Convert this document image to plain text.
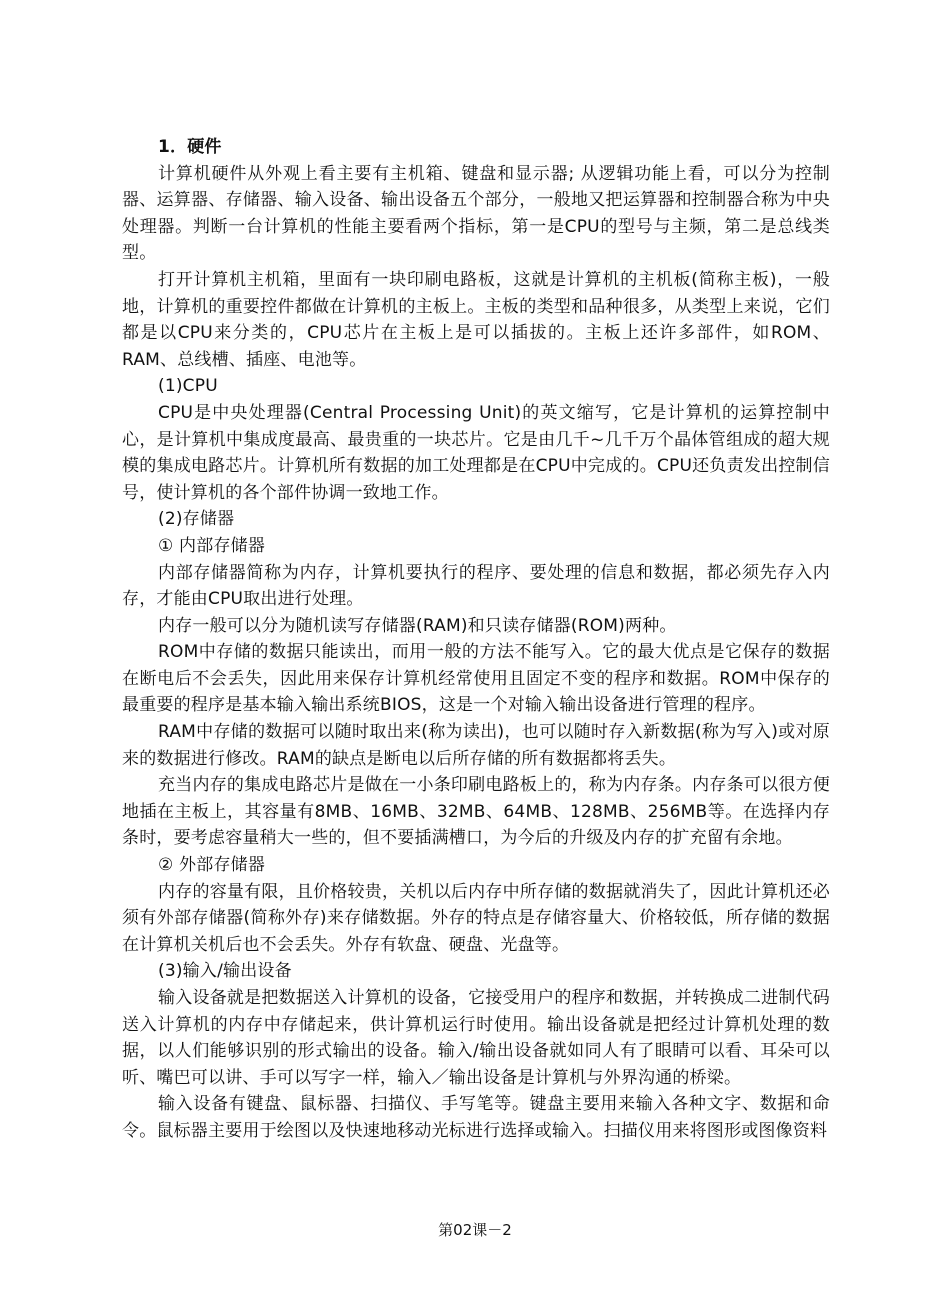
1．硬件

计算机硬件从外观上看主要有主机箱、键盘和显示器; 从逻辑功能上看，可以分为控制器、运算器、存储器、输入设备、输出设备五个部分，一般地又把运算器和控制器合称为中央处理器。判断一台计算机的性能主要看两个指标，第一是CPU的型号与主频，第二是总线类型。

打开计算机主机箱，里面有一块印刷电路板，这就是计算机的主机板(简称主板)，一般地，计算机的重要控件都做在计算机的主板上。主板的类型和品种很多，从类型上来说，它们都是以CPU来分类的，CPU芯片在主板上是可以插拔的。主板上还许多部件，如ROM、RAM、总线槽、插座、电池等。

(1)CPU

CPU是中央处理器(Central Processing Unit)的英文缩写，它是计算机的运算控制中心，是计算机中集成度最高、最贵重的一块芯片。它是由几千~几千万个晶体管组成的超大规模的集成电路芯片。计算机所有数据的加工处理都是在CPU中完成的。CPU还负责发出控制信号，使计算机的各个部件协调一致地工作。

(2)存储器

① 内部存储器

内部存储器简称为内存，计算机要执行的程序、要处理的信息和数据，都必须先存入内存，才能由CPU取出进行处理。

内存一般可以分为随机读写存储器(RAM)和只读存储器(ROM)两种。

ROM中存储的数据只能读出，而用一般的方法不能写入。它的最大优点是它保存的数据在断电后不会丢失，因此用来保存计算机经常使用且固定不变的程序和数据。ROM中保存的最重要的程序是基本输入输出系统BIOS，这是一个对输入输出设备进行管理的程序。

RAM中存储的数据可以随时取出来(称为读出)，也可以随时存入新数据(称为写入)或对原来的数据进行修改。RAM的缺点是断电以后所存储的所有数据都将丢失。

充当内存的集成电路芯片是做在一小条印刷电路板上的，称为内存条。内存条可以很方便地插在主板上，其容量有8MB、16MB、32MB、64MB、128MB、256MB等。在选择内存条时，要考虑容量稍大一些的，但不要插满槽口，为今后的升级及内存的扩充留有余地。

② 外部存储器

内存的容量有限，且价格较贵，关机以后内存中所存储的数据就消失了，因此计算机还必须有外部存储器(简称外存)来存储数据。外存的特点是存储容量大、价格较低，所存储的数据在计算机关机后也不会丢失。外存有软盘、硬盘、光盘等。

(3)输入/输出设备

输入设备就是把数据送入计算机的设备，它接受用户的程序和数据，并转换成二进制代码送入计算机的内存中存储起来，供计算机运行时使用。输出设备就是把经过计算机处理的数据，以人们能够识别的形式输出的设备。输入/输出设备就如同人有了眼睛可以看、耳朵可以听、嘴巴可以讲、手可以写字一样，输入／输出设备是计算机与外界沟通的桥梁。

输入设备有键盘、鼠标器、扫描仪、手写笔等。键盘主要用来输入各种文字、数据和命令。鼠标器主要用于绘图以及快速地移动光标进行选择或输入。扫描仪用来将图形或图像资料

第02课－2
